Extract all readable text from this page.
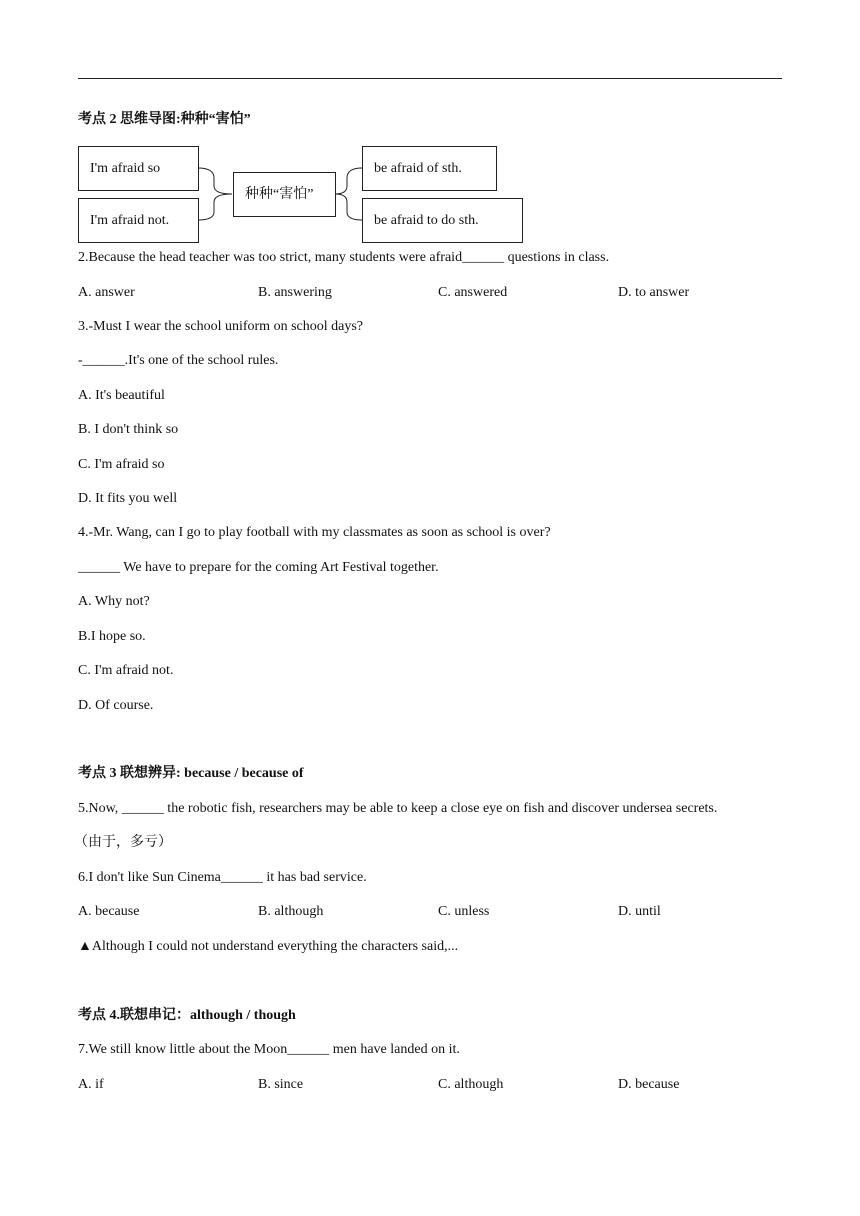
考点 2 思维导图:种种“害怕”
I'm afraid so
I'm afraid not.
种种“害怕”
be afraid of sth.
be afraid to do sth.
2.Because the head teacher was too strict, many students were afraid______ questions in class.
A. answer	B. answering	C. answered	D. to answer
3.-Must I wear the school uniform on school days?
-______.It's one of the school rules.
A. It's beautiful
B. I don't think so
C. I'm afraid so
D. It fits you well
4.-Mr. Wang, can I go to play football with my classmates as soon as school is over?
______ We have to prepare for the coming Art Festival together.
A. Why not?
B.I hope so.
C. I'm afraid not.
D. Of course.
考点 3 联想辨异: because / because of
5.Now, ______ the robotic fish, researchers may be able to keep a close eye on fish and discover undersea secrets.
（由于，多亏）
6.I don't like Sun Cinema______ it has bad service.
A. because	B. although	C. unless	D. until
▲Although I could not understand everything the characters said,...
考点 4.联想串记：although / though
7.We still know little about the Moon______ men have landed on it.
A. if	B. since	C. although	D. because
